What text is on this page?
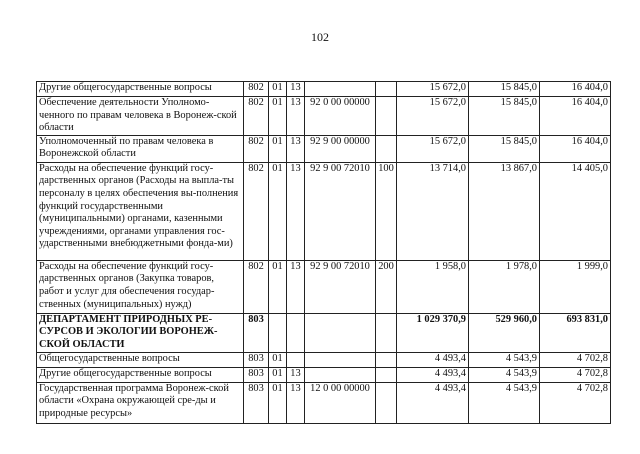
102
Другие общегосударственные вопросы	802	01	13			15 672,0	15 845,0	16 404,0
Обеспечение деятельности Уполномо-ченного по правам человека в Воронеж-ской области	802	01	13	92 0 00 00000		15 672,0	15 845,0	16 404,0
Уполномоченный по правам человека в Воронежской области	802	01	13	92 9 00 00000		15 672,0	15 845,0	16 404,0
Расходы на обеспечение функций госу-дарственных органов (Расходы на выпла-ты персоналу в целях обеспечения вы-полнения функций государственными (муниципальными) органами, казенными учреждениями, органами управления гос-ударственными внебюджетными фонда-ми)	802	01	13	92 9 00 72010	100	13 714,0	13 867,0	14 405,0
Расходы на обеспечение функций госу-дарственных органов (Закупка товаров, работ и услуг для обеспечения государ-ственных (муниципальных) нужд)	802	01	13	92 9 00 72010	200	1 958,0	1 978,0	1 999,0
ДЕПАРТАМЕНТ ПРИРОДНЫХ РЕ-СУРСОВ И ЭКОЛОГИИ ВОРОНЕЖ-СКОЙ ОБЛАСТИ	803					1 029 370,9	529 960,0	693 831,0
Общегосударственные вопросы	803	01				4 493,4	4 543,9	4 702,8
Другие общегосударственные вопросы	803	01	13			4 493,4	4 543,9	4 702,8
Государственная программа Воронеж-ской области «Охрана окружающей сре-ды и природные ресурсы»	803	01	13	12 0 00 00000		4 493,4	4 543,9	4 702,8
